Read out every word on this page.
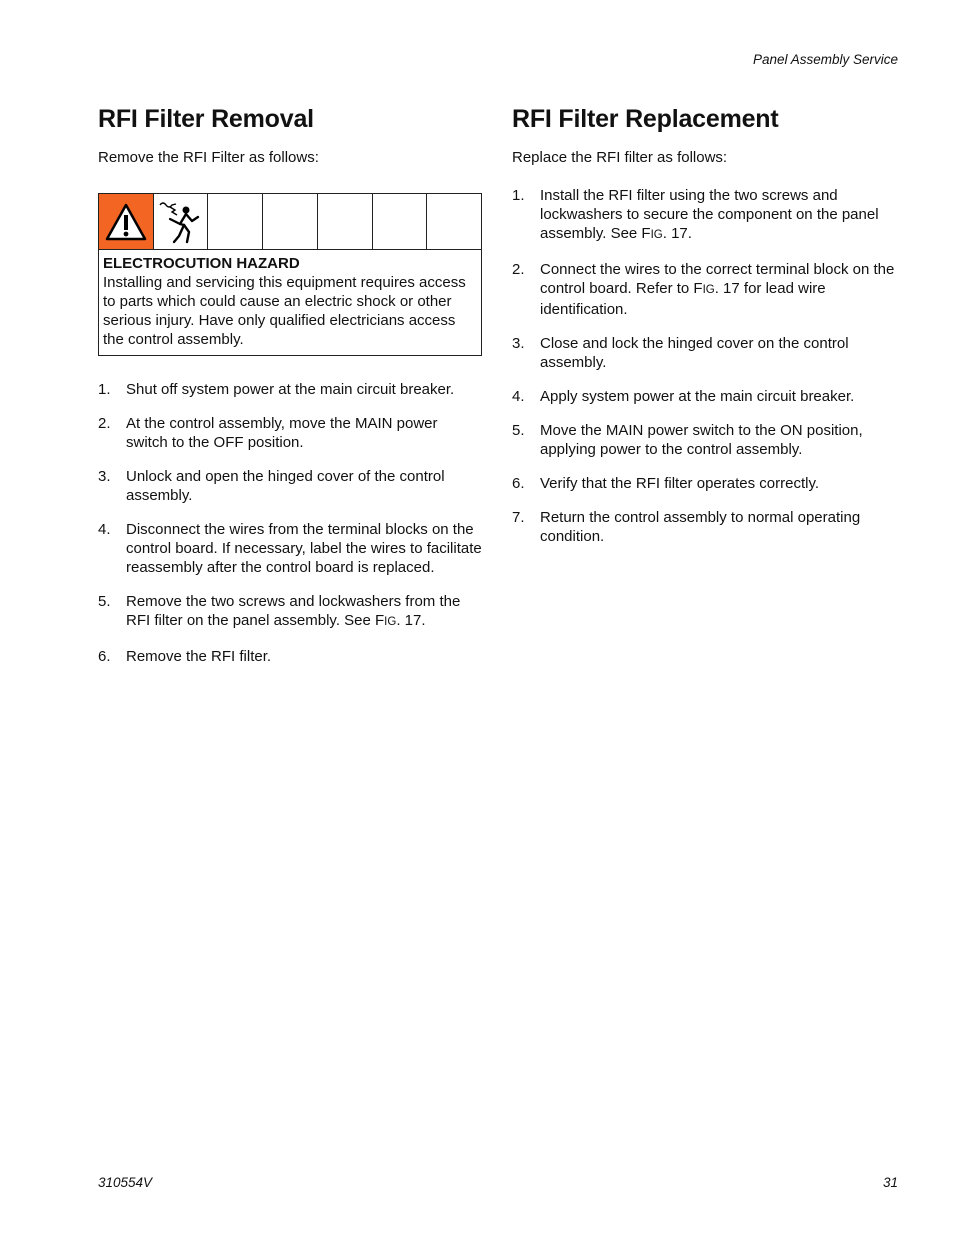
Panel Assembly Service
RFI Filter Removal

Remove the RFI Filter as follows:

ELECTROCUTION HAZARD
Installing and servicing this equipment requires access to parts which could cause an electric shock or other serious injury. Have only qualified electricians access the control assembly.
1.	Shut off system power at the main circuit breaker.
2.	At the control assembly, move the MAIN power switch to the OFF position.
3.	Unlock and open the hinged cover of the control assembly.
4.	Disconnect the wires from the terminal blocks on the control board. If necessary, label the wires to facilitate reassembly after the control board is replaced.
5.	Remove the two screws and lockwashers from the RFI filter on the panel assembly. See FIG. 17.
6.	Remove the RFI filter.
RFI Filter Replacement

Replace the RFI filter as follows:

1.	Install the RFI filter using the two screws and lockwashers to secure the component on the panel assembly. See FIG. 17.
2.	Connect the wires to the correct terminal block on the control board. Refer to FIG. 17 for lead wire identification.
3.	Close and lock the hinged cover on the control assembly.
4.	Apply system power at the main circuit breaker.
5.	Move the MAIN power switch to the ON position, applying power to the control assembly.
6.	Verify that the RFI filter operates correctly.
7.	Return the control assembly to normal operating condition.
310554V	31
